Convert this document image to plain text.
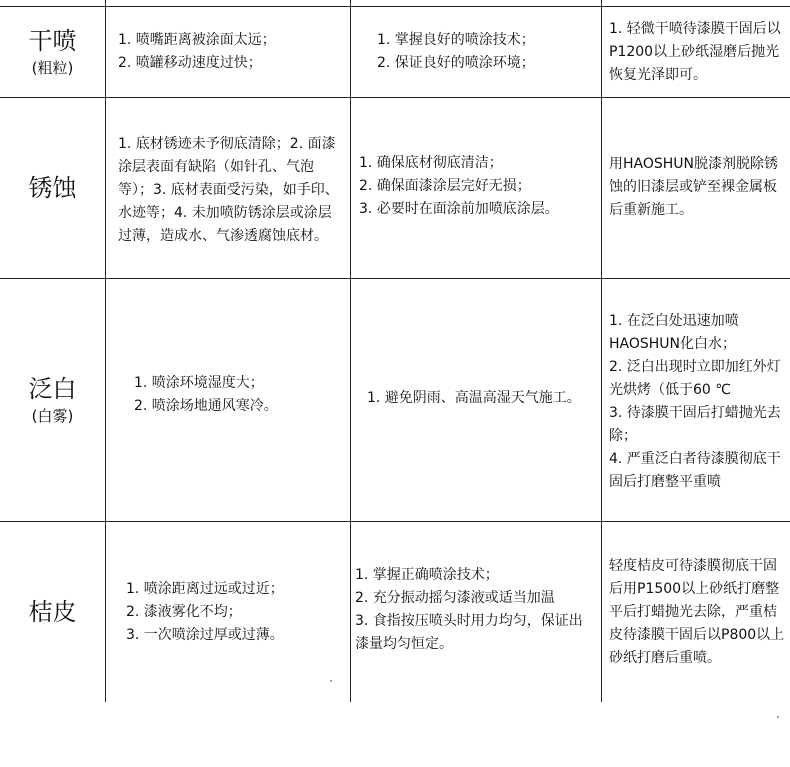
干喷
(粗粒)
1. 喷嘴距离被涂面太远；
2. 喷罐移动速度过快；
1. 掌握良好的喷涂技术；
2. 保证良好的喷涂环境；
1. 轻微干喷待漆膜干固后以P1200以上砂纸湿磨后抛光恢复光泽即可。
锈蚀
1. 底材锈迹未予彻底清除；2. 面漆涂层表面有缺陷（如针孔、气泡等）；3. 底材表面受污染，如手印、水迹等；4. 未加喷防锈涂层或涂层过薄，造成水、气渗透腐蚀底材。
1. 确保底材彻底清洁；
2. 确保面漆涂层完好无损；
3. 必要时在面涂前加喷底涂层。
用HAOSHUN脱漆剂脱除锈蚀的旧漆层或铲至裸金属板后重新施工。
泛白
(白雾)
1. 喷涂环境湿度大；
2. 喷涂场地通风寒冷。
1. 避免阴雨、高温高湿天气施工。
1. 在泛白处迅速加喷HAOSHUN化白水；
2. 泛白出现时立即加红外灯光烘烤（低于60 ℃
3. 待漆膜干固后打蜡抛光去除；
4. 严重泛白者待漆膜彻底干固后打磨整平重喷
桔皮
1. 喷涂距离过远或过近；
2. 漆液雾化不均；
3. 一次喷涂过厚或过薄。
1. 掌握正确喷涂技术；
2. 充分振动摇匀漆液或适当加温
3. 食指按压喷头时用力均匀，保证出漆量均匀恒定。
轻度桔皮可待漆膜彻底干固后用P1500以上砂纸打磨整平后打蜡抛光去除，严重桔皮待漆膜干固后以P800以上砂纸打磨后重喷。
